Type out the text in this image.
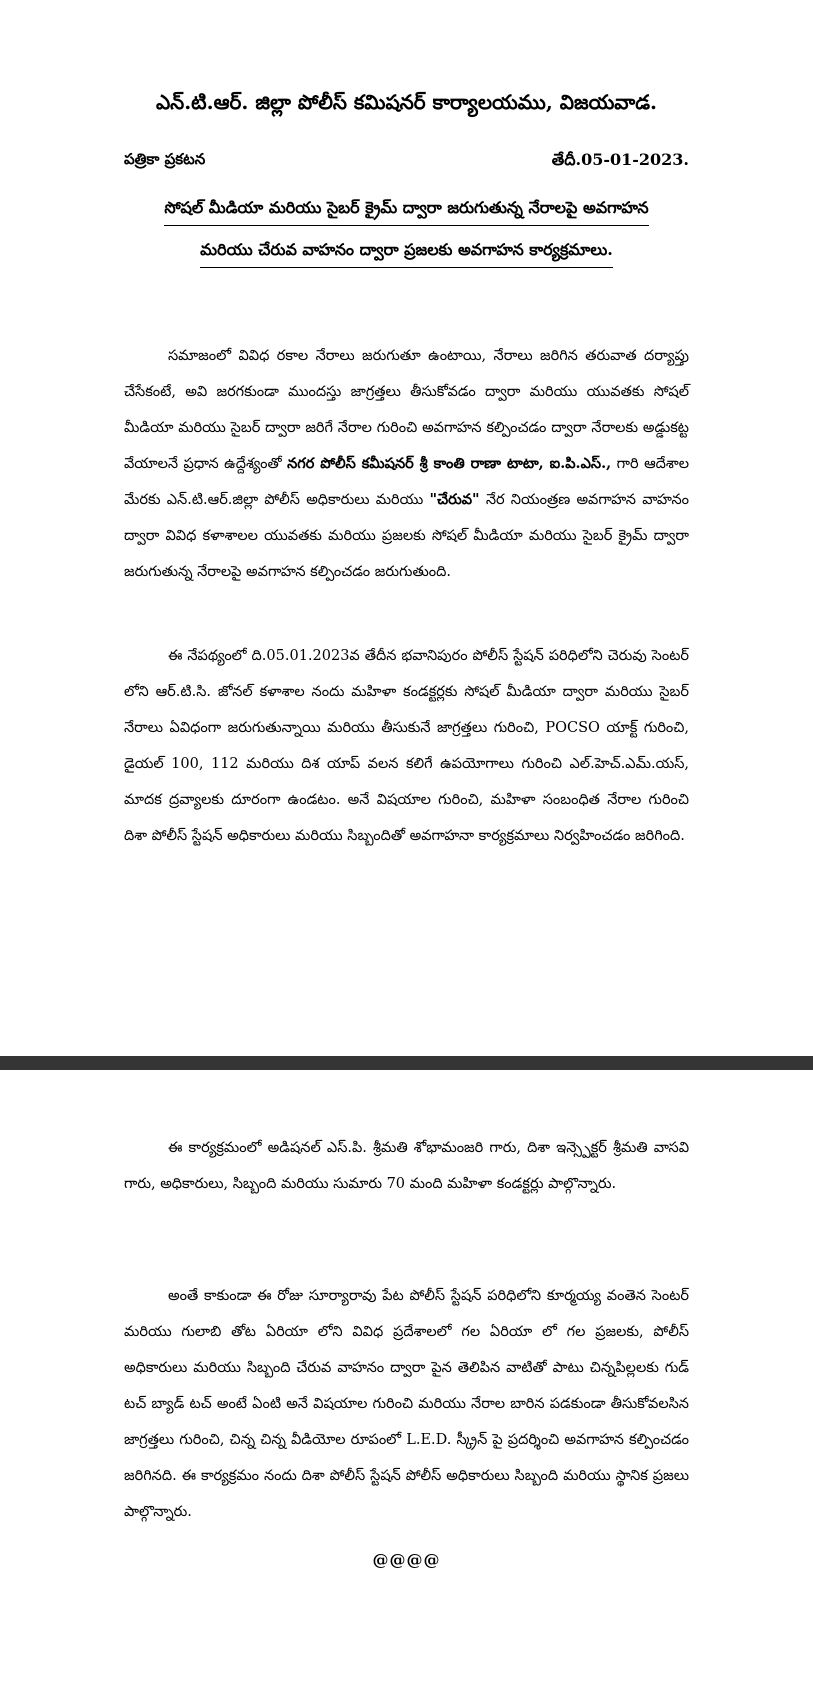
ఎన్.టి.ఆర్. జిల్లా పోలీస్ కమిషనర్ కార్యాలయము, విజయవాడ.
పత్రికా ప్రకటన	తేదీ.05-01-2023.
సోషల్ మీడియా మరియు సైబర్ క్రైమ్ ద్వారా జరుగుతున్న నేరాలపై అవగాహన
మరియు చేరువ వాహనం ద్వారా ప్రజలకు అవగాహన కార్యక్రమాలు.

సమాజంలో వివిధ రకాల నేరాలు జరుగుతూ ఉంటాయి, నేరాలు జరిగిన తరువాత దర్యాప్తు చేసేకంటే, అవి జరగకుండా ముందస్తు జాగ్రత్తలు తీసుకోవడం ద్వారా మరియు యువతకు సోషల్ మీడియా మరియు సైబర్ ద్వారా జరిగే నేరాల గురించి అవగాహన కల్పించడం ద్వారా నేరాలకు అడ్డుకట్ట వేయాలనే ప్రధాన ఉద్దేశ్యంతో నగర పోలీస్ కమీషనర్ శ్రీ కాంతి రాణా టాటా, ఐ.పి.ఎస్., గారి ఆదేశాల మేరకు ఎన్.టి.ఆర్.జిల్లా పోలీస్ అధికారులు మరియు "చేరువ" నేర నియంత్రణ అవగాహన వాహనం ద్వారా వివిధ కళాశాలల యువతకు మరియు ప్రజలకు సోషల్ మీడియా మరియు సైబర్ క్రైమ్ ద్వారా జరుగుతున్న నేరాలపై అవగాహన కల్పించడం జరుగుతుంది.

ఈ నేపథ్యంలో ది.05.01.2023వ తేదీన భవానిపురం పోలీస్ స్టేషన్ పరిధిలోని చెరువు సెంటర్ లోని ఆర్.టి.సి. జోనల్ కళాశాల నందు మహిళా కండక్టర్లకు సోషల్ మీడియా ద్వారా మరియు సైబర్ నేరాలు ఏవిధంగా జరుగుతున్నాయి మరియు తీసుకునే జాగ్రత్తలు గురించి, POCSO యాక్ట్ గురించి, డైయల్ 100, 112 మరియు దిశ యాప్ వలన కలిగే ఉపయోగాలు గురించి ఎల్.హెచ్.ఎమ్.యస్, మాదక ద్రవ్యాలకు దూరంగా ఉండటం. అనే విషయాల గురించి, మహిళా సంబంధిత నేరాల గురించి దిశా పోలీస్ స్టేషన్ అధికారులు మరియు సిబ్బందితో అవగాహనా కార్యక్రమాలు నిర్వహించడం జరిగింది.

ఈ కార్యక్రమంలో అడిషనల్ ఎస్.పి. శ్రీమతి శోభామంజరి గారు, దిశా ఇన్స్పెక్టర్ శ్రీమతి వాసవి గారు, అధికారులు, సిబ్బంది మరియు సుమారు 70 మంది మహిళా కండక్టర్లు పాల్గొన్నారు.

అంతే కాకుండా ఈ రోజు సూర్యారావు పేట పోలీస్ స్టేషన్ పరిధిలోని కూర్మయ్య వంతెన సెంటర్ మరియు గులాబి తోట ఏరియా లోని వివిధ ప్రదేశాలలో గల ఏరియా లో గల ప్రజలకు, పోలీస్ అధికారులు మరియు సిబ్బంది చేరువ వాహనం ద్వారా పైన తెలిపిన వాటితో పాటు చిన్నపిల్లలకు గుడ్ టచ్ బ్యాడ్ టచ్ అంటే ఏంటి అనే విషయాల గురించి మరియు నేరాల బారిన పడకుండా తీసుకోవలసిన జాగ్రత్తలు గురించి, చిన్న చిన్న వీడియోల రూపంలో L.E.D. స్క్రీన్ పై ప్రదర్శించి అవగాహన కల్పించడం జరిగినది. ఈ కార్యక్రమం నందు దిశా పోలీస్ స్టేషన్ పోలీస్ అధికారులు సిబ్బంది మరియు స్థానిక ప్రజలు పాల్గొన్నారు.

@@@@
